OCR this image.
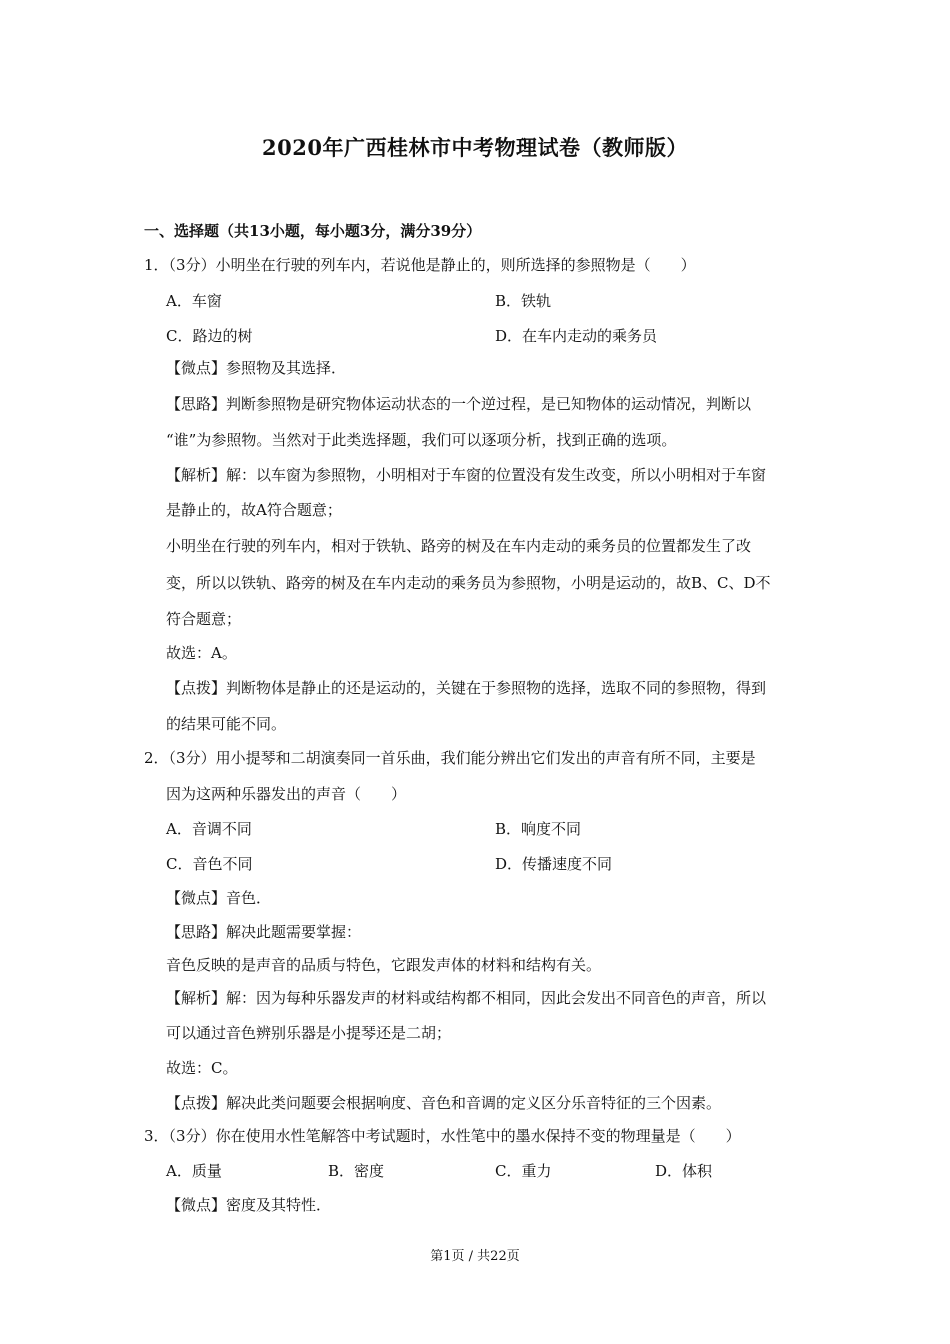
2020年广西桂林市中考物理试卷（教师版）
一、选择题（共13小题，每小题3分，满分39分）
1．（3分）小明坐在行驶的列车内，若说他是静止的，则所选择的参照物是（　　）
A．车窗	B．铁轨
C．路边的树	D．在车内走动的乘务员
【微点】参照物及其选择．
【思路】判断参照物是研究物体运动状态的一个逆过程，是已知物体的运动情况，判断以
“谁”为参照物。当然对于此类选择题，我们可以逐项分析，找到正确的选项。
【解析】解：以车窗为参照物，小明相对于车窗的位置没有发生改变，所以小明相对于车窗
是静止的，故A符合题意；
小明坐在行驶的列车内，相对于铁轨、路旁的树及在车内走动的乘务员的位置都发生了改
变，所以以铁轨、路旁的树及在车内走动的乘务员为参照物，小明是运动的，故B、C、D不
符合题意；
故选：A。
【点拨】判断物体是静止的还是运动的，关键在于参照物的选择，选取不同的参照物，得到
的结果可能不同。
2．（3分）用小提琴和二胡演奏同一首乐曲，我们能分辨出它们发出的声音有所不同，主要是
因为这两种乐器发出的声音（　　）
A．音调不同	B．响度不同
C．音色不同	D．传播速度不同
【微点】音色．
【思路】解决此题需要掌握：
音色反映的是声音的品质与特色，它跟发声体的材料和结构有关。
【解析】解：因为每种乐器发声的材料或结构都不相同，因此会发出不同音色的声音，所以
可以通过音色辨别乐器是小提琴还是二胡；
故选：C。
【点拨】解决此类问题要会根据响度、音色和音调的定义区分乐音特征的三个因素。
3．（3分）你在使用水性笔解答中考试题时，水性笔中的墨水保持不变的物理量是（　　）
A．质量	B．密度	C．重力	D．体积
【微点】密度及其特性．
第1页 / 共22页
